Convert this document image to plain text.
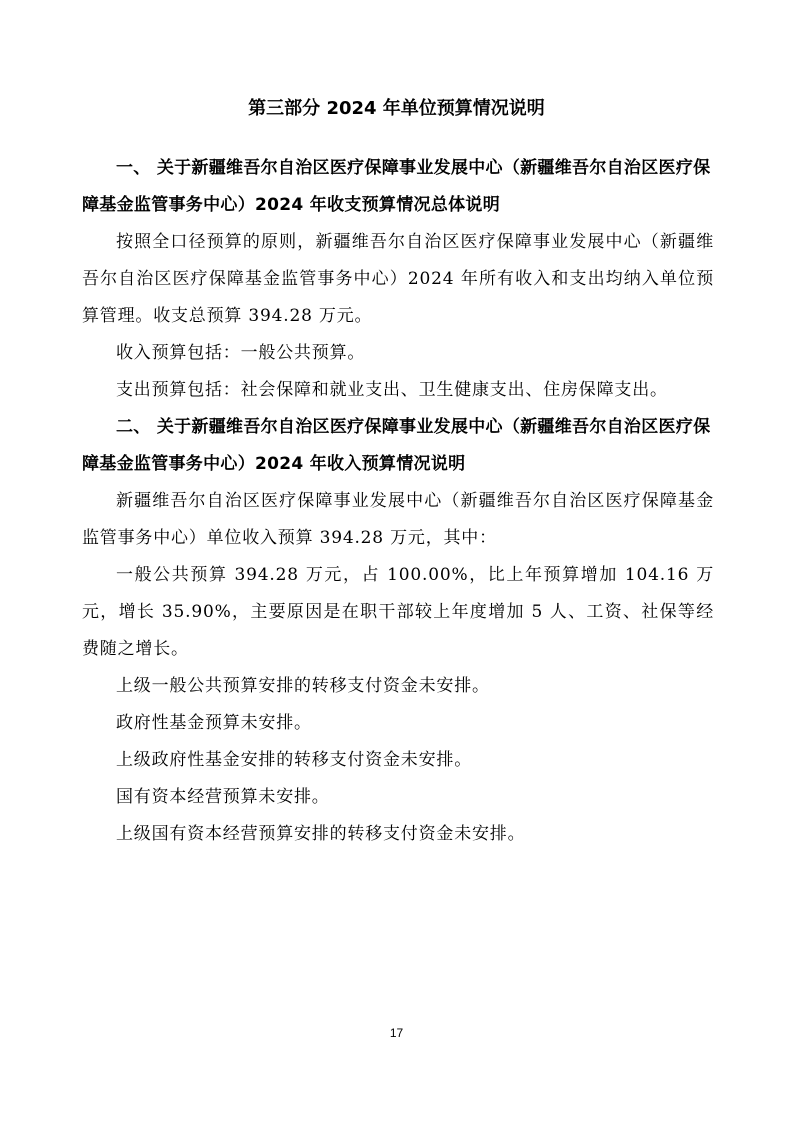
第三部分 2024 年单位预算情况说明
一、 关于新疆维吾尔自治区医疗保障事业发展中心（新疆维吾尔自治区医疗保障基金监管事务中心）2024 年收支预算情况总体说明
按照全口径预算的原则，新疆维吾尔自治区医疗保障事业发展中心（新疆维吾尔自治区医疗保障基金监管事务中心）2024 年所有收入和支出均纳入单位预算管理。收支总预算 394.28 万元。
收入预算包括：一般公共预算。
支出预算包括：社会保障和就业支出、卫生健康支出、住房保障支出。
二、 关于新疆维吾尔自治区医疗保障事业发展中心（新疆维吾尔自治区医疗保障基金监管事务中心）2024 年收入预算情况说明
新疆维吾尔自治区医疗保障事业发展中心（新疆维吾尔自治区医疗保障基金监管事务中心）单位收入预算 394.28 万元，其中：
一般公共预算 394.28 万元，占 100.00%，比上年预算增加 104.16 万元，增长 35.90%，主要原因是在职干部较上年度增加 5 人、工资、社保等经费随之增长。
上级一般公共预算安排的转移支付资金未安排。
政府性基金预算未安排。
上级政府性基金安排的转移支付资金未安排。
国有资本经营预算未安排。
上级国有资本经营预算安排的转移支付资金未安排。
17
